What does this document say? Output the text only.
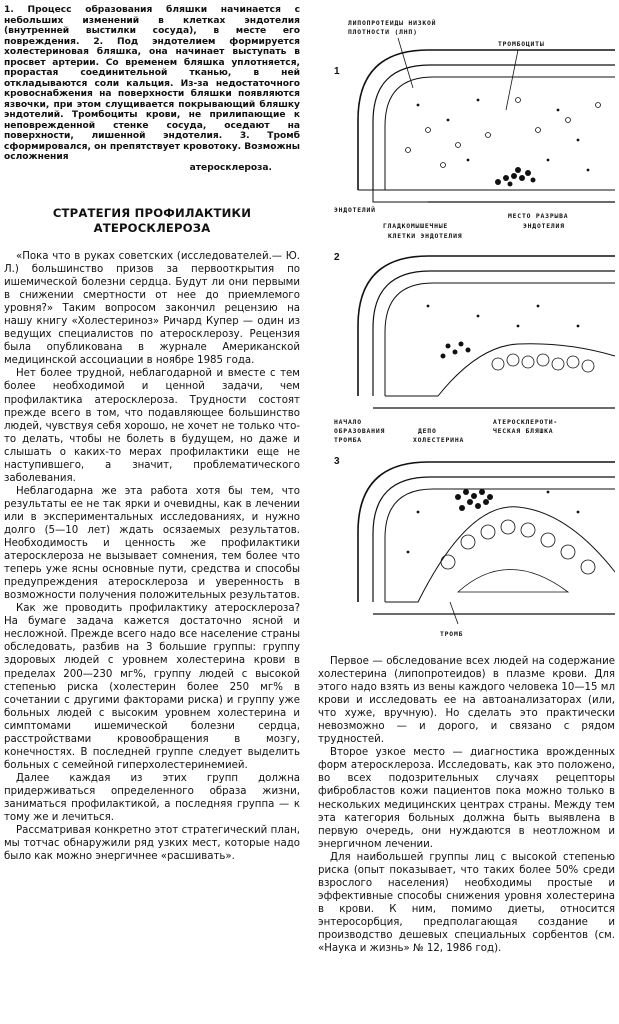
1. Процесс образования бляшки начинается с небольших изменений в клетках эндотелия (внутренней выстилки сосуда), в месте его повреждения. 2. Под эндотелием формируется холестериновая бляшка, она начинает выступать в просвет артерии. Со временем бляшка уплотняется, прорастая соединительной тканью, в ней откладываются соли кальция. Из-за недостаточного кровоснабжения на поверхности бляшки появляются язвочки, при этом слущивается покрывающий бляшку эндотелий. Тромбоциты крови, не прилипающие к неповрежденной стенке сосуда, оседают на поверхности, лишенной эндотелия. 3. Тромб сформировался, он препятствует кровотоку. Возможны осложнения

атеросклероза.

СТРАТЕГИЯ ПРОФИЛАКТИКИ

АТЕРОСКЛЕРОЗА

«Пока что в руках советских (исследователей.— Ю. Л.) большинство призов за первооткрытия по ишемической болезни сердца. Будут ли они первыми в снижении смертности от нее до приемлемого уровня?» Таким вопросом закончил рецензию на нашу книгу «Холестериноз» Ричард Купер — один из ведущих специалистов по атеросклерозу. Рецензия была опубликована в журнале Американской медицинской ассоциации в ноябре 1985 года.

Нет более трудной, неблагодарной и вместе с тем более необходимой и ценной задачи, чем профилактика атеросклероза. Трудности состоят прежде всего в том, что подавляющее большинство людей, чувствуя себя хорошо, не хочет не только что-то делать, чтобы не болеть в будущем, но даже и слышать о каких-то мерах профилактики еще не наступившего, а значит, проблематического заболевания.

Неблагодарна же эта работа хотя бы тем, что результаты ее не так ярки и очевидны, как в лечении или в экспериментальных исследованиях, и нужно долго (5—10 лет) ждать осязаемых результатов. Необходимость и ценность же профилактики атеросклероза не вызывает сомнения, тем более что теперь уже ясны основные пути, средства и способы предупреждения атеросклероза и уверенность в возможности получения положительных результатов.

Как же проводить профилактику атеросклероза? На бумаге задача кажется достаточно ясной и несложной. Прежде всего надо все население страны обследовать, разбив на 3 большие группы: группу здоровых людей с уровнем холестерина крови в пределах 200—230 мг%, группу людей с высокой степенью риска (холестерин более 250 мг% в сочетании с другими факторами риска) и группу уже больных людей с высоким уровнем холестерина и симптомами ишемической болезни сердца, расстройствами кровообращения в мозгу, конечностях. В последней группе следует выделить больных с семейной гиперхолестеринемией.

Далее каждая из этих групп должна придерживаться определенного образа жизни, заниматься профилактикой, а последняя группа — к тому же и лечиться.

Рассматривая конкретно этот стратегический план, мы тотчас обнаружили ряд узких мест, которые надо было как можно энергичнее «расшивать».

1
ЛИПОПРОТЕИДЫ НИЗКОЙ
ПЛОТНОСТИ (ЛНП)
ТРОМБОЦИТЫ
ЭНДОТЕЛИЙ
ГЛАДКОМЫШЕЧНЫЕ
КЛЕТКИ ЭНДОТЕЛИЯ
МЕСТО РАЗРЫВА
ЭНДОТЕЛИЯ
2
НАЧАЛО
ОБРАЗОВАНИЯ
ТРОМБА
ДЕПО
ХОЛЕСТЕРИНА
АТЕРОСКЛЕРОТИ-
ЧЕСКАЯ БЛЯШКА
3
ТРОМБ

Первое — обследование всех людей на содержание холестерина (липопротеидов) в плазме крови. Для этого надо взять из вены каждого человека 10—15 мл крови и исследовать ее на автоанализаторах (или, что хуже, вручную). Но сделать это практически невозможно — и дорого, и связано с рядом трудностей.

Второе узкое место — диагностика врожденных форм атеросклероза. Исследовать, как это положено, во всех подозрительных случаях рецепторы фибробластов кожи пациентов пока можно только в нескольких медицинских центрах страны. Между тем эта категория больных должна быть выявлена в первую очередь, они нуждаются в неотложном и энергичном лечении.

Для наибольшей группы лиц с высокой степенью риска (опыт показывает, что таких более 50% среди взрослого населения) необходимы простые и эффективные способы снижения уровня холестерина в крови. К ним, помимо диеты, относится энтеросорбция, предполагающая создание и производство дешевых специальных сорбентов (см. «Наука и жизнь» № 12, 1986 год).
